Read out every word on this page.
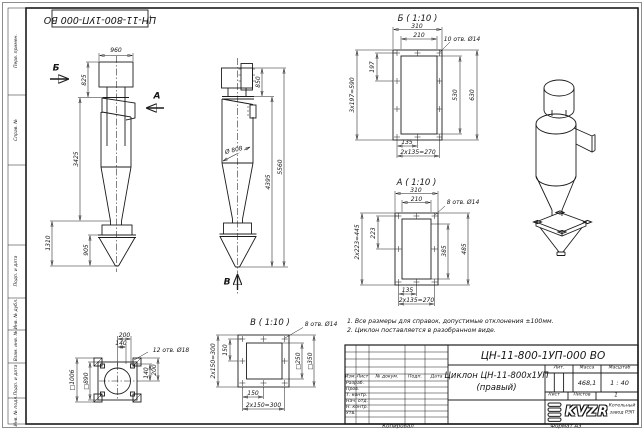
ЦН-11-800-1УП-000 ВО
Перв. примен.
Справ. №
Подп. и дата
Инв. № дубл.
Взам. инв. №
Подп. и дата
Инв. № подл.
Б
А
960
825
3425
1310	905
В
850
Ø 808
4395
5560
Б ( 1:10 )
310
210	10 отв. Ø14
3x197=590
197
530 630
135
2x135=270
А ( 1:10 )
310
210	8 отв. Ø14
2x223=445 223
385 485
135
2x135=270
В ( 1:10 ) 8 отв. Ø14
2x150=300 150
□250 □350
150
2x150=300
200
140
12 отв. Ø18
140 200
□1006 □890
1. Все размеры для справок, допустимые отклонения ±100мм.
2. Циклон поставляется в разобранном виде.
ЦН-11-800-1УП-000 ВО
Циклон ЦН-11-800х1УП
(правый)
Изм. Лист № докум. Подп. Дата
Разраб.
Пров.
Т. контр.
Нач. отд.
Н. контр.
Утв.
Лит.	Масса	Масштаб
468,1 1 : 40
Лист	Листов	1
KVZR Котельный
завод РЭП
Копировал	Формат А3
